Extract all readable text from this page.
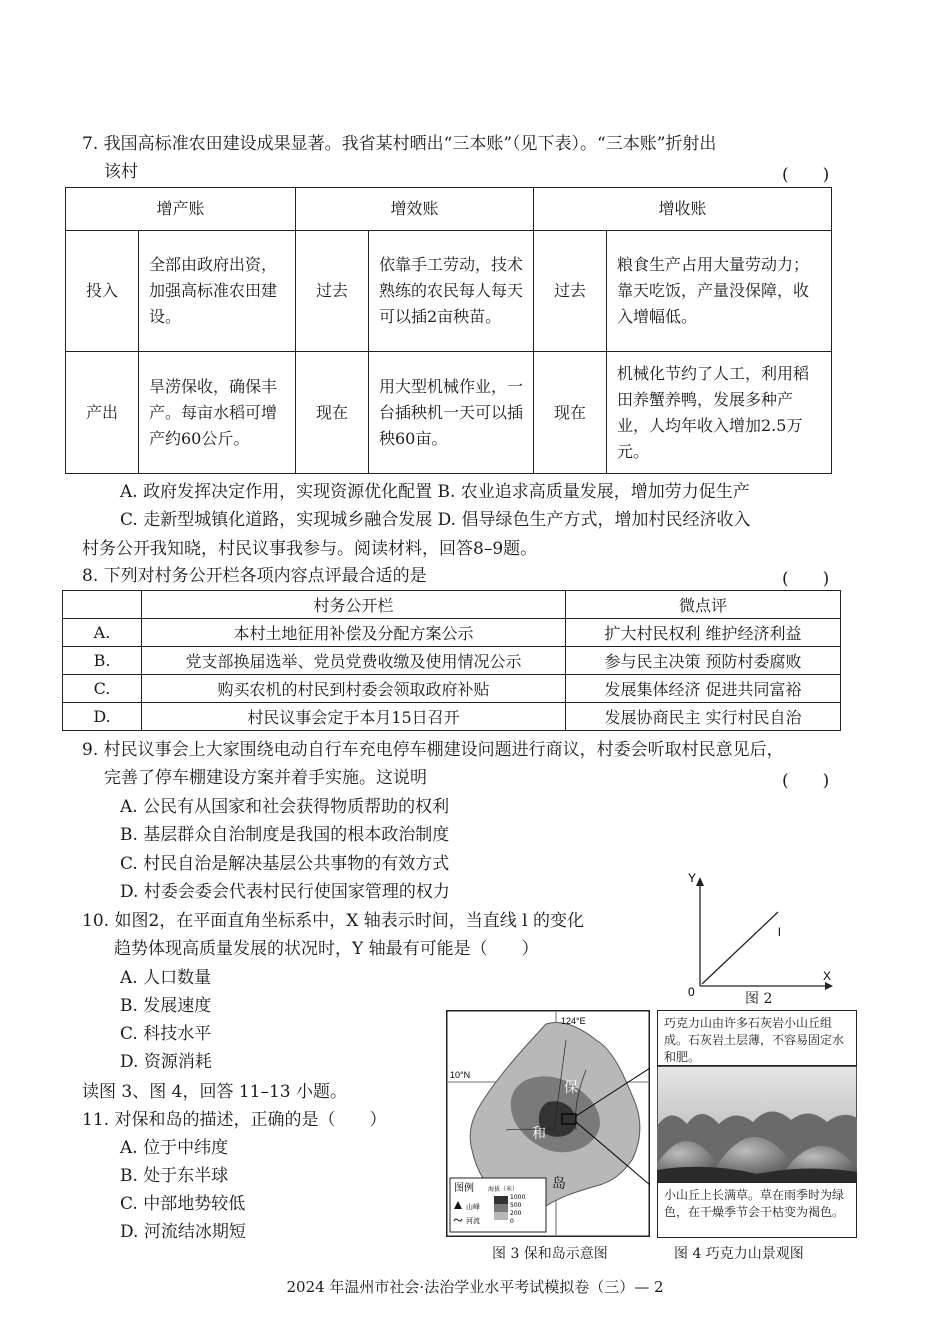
7. 我国高标准农田建设成果显著。我省某村晒出“三本账”（见下表）。“三本账”折射出
该村	(　　)
增产账		增效账		增收账	
投入	全部由政府出资，加强高标准农田建设。	过去	依靠手工劳动，技术熟练的农民每人每天可以插2亩秧苗。	过去	粮食生产占用大量劳动力；靠天吃饭，产量没保障，收入增幅低。
产出	旱涝保收，确保丰产。每亩水稻可增产约60公斤。	现在	用大型机械作业，一台插秧机一天可以插秧60亩。	现在	机械化节约了人工，利用稻田养蟹养鸭，发展多种产业，人均年收入增加2.5万元。
A. 政府发挥决定作用，实现资源优化配置 B. 农业追求高质量发展，增加劳力促生产
C. 走新型城镇化道路，实现城乡融合发展 D. 倡导绿色生产方式，增加村民经济收入
村务公开我知晓，村民议事我参与。阅读材料，回答8–9题。
8. 下列对村务公开栏各项内容点评最合适的是	(　　)
	村务公开栏	微点评
A.	本村土地征用补偿及分配方案公示	扩大村民权利 维护经济利益
B.	党支部换届选举、党员党费收缴及使用情况公示	参与民主决策 预防村委腐败
C.	购买农机的村民到村委会领取政府补贴	发展集体经济 促进共同富裕
D.	村民议事会定于本月15日召开	发展协商民主 实行村民自治
9. 村民议事会上大家围绕电动自行车充电停车棚建设问题进行商议，村委会听取村民意见后，
完善了停车棚建设方案并着手实施。这说明	(　　)
A. 公民有从国家和社会获得物质帮助的权利
B. 基层群众自治制度是我国的根本政治制度
C. 村民自治是解决基层公共事物的有效方式
D. 村委会委会代表村民行使国家管理的权力
10. 如图2，在平面直角坐标系中，X 轴表示时间，当直线 l 的变化
趋势体现高质量发展的状况时，Y 轴最有可能是（　　）
A. 人口数量
B. 发展速度
C. 科技水平
D. 资源消耗
Y
X
0
l
图 2
读图 3、图 4，回答 11–13 小题。
11. 对保和岛的描述，正确的是（　　）
A. 位于中纬度
B. 处于东半球
C. 中部地势较低
D. 河流结冰期短
124°E
10°N
保
和
岛
图例
山峰
河流
海拔（米）
1000
500
200
0
图 3 保和岛示意图
巧克力山由许多石灰岩小山丘组成。石灰岩土层薄，不容易固定水和肥。
小山丘上长满草。草在雨季时为绿色，在干燥季节会干枯变为褐色。
图 4 巧克力山景观图
2024 年温州市社会·法治学业水平考试模拟卷（三）— 2
